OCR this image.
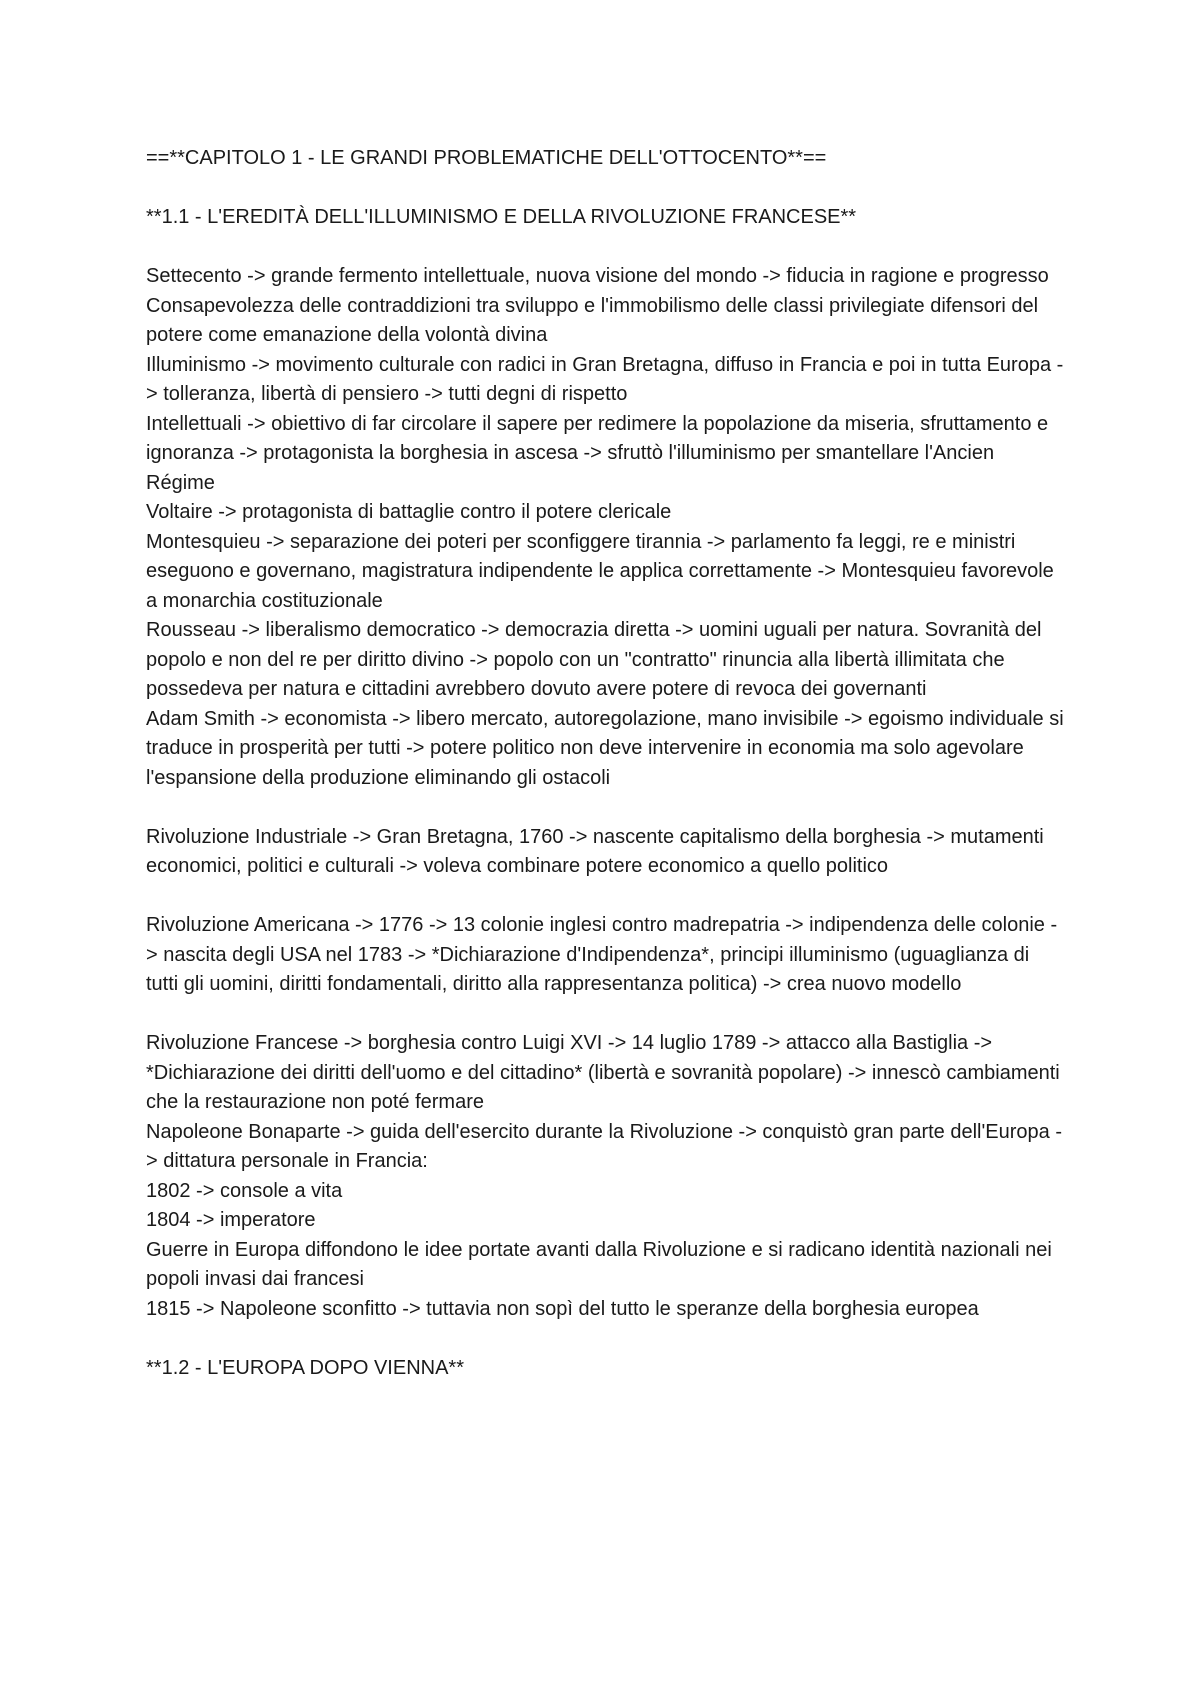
==**CAPITOLO 1 - LE GRANDI PROBLEMATICHE DELL'OTTOCENTO**==

**1.1 - L'EREDITÀ DELL'ILLUMINISMO E DELLA RIVOLUZIONE FRANCESE**

Settecento -> grande fermento intellettuale, nuova visione del mondo -> fiducia in ragione e progresso

Consapevolezza delle contraddizioni tra sviluppo e l'immobilismo delle classi privilegiate difensori del potere come emanazione della volontà divina

Illuminismo -> movimento culturale con radici in Gran Bretagna, diffuso in Francia e poi in tutta Europa -> tolleranza, libertà di pensiero -> tutti degni di rispetto

Intellettuali -> obiettivo di far circolare il sapere per redimere la popolazione da miseria, sfruttamento e ignoranza -> protagonista la borghesia in ascesa -> sfruttò l'illuminismo per smantellare l'Ancien Régime

Voltaire -> protagonista di battaglie contro il potere clericale

Montesquieu -> separazione dei poteri per sconfiggere tirannia -> parlamento fa leggi, re e ministri eseguono e governano, magistratura indipendente le applica correttamente -> Montesquieu favorevole a monarchia costituzionale

Rousseau -> liberalismo democratico -> democrazia diretta -> uomini uguali per natura. Sovranità del popolo e non del re per diritto divino -> popolo con un "contratto" rinuncia alla libertà illimitata che possedeva per natura e cittadini avrebbero dovuto avere potere di revoca dei governanti

Adam Smith -> economista -> libero mercato, autoregolazione, mano invisibile -> egoismo individuale si traduce in prosperità per tutti -> potere politico non deve intervenire in economia ma solo agevolare l'espansione della produzione eliminando gli ostacoli

Rivoluzione Industriale -> Gran Bretagna, 1760 -> nascente capitalismo della borghesia -> mutamenti economici, politici e culturali -> voleva combinare potere economico a quello politico

Rivoluzione Americana -> 1776 -> 13 colonie inglesi contro madrepatria -> indipendenza delle colonie -> nascita degli USA nel 1783 -> *Dichiarazione d'Indipendenza*, principi illuminismo (uguaglianza di tutti gli uomini, diritti fondamentali, diritto alla rappresentanza politica) -> crea nuovo modello

Rivoluzione Francese -> borghesia contro Luigi XVI -> 14 luglio 1789 -> attacco alla Bastiglia -> *Dichiarazione dei diritti dell'uomo e del cittadino* (libertà e sovranità popolare) -> innescò cambiamenti che la restaurazione non poté fermare

Napoleone Bonaparte -> guida dell'esercito durante la Rivoluzione -> conquistò gran parte dell'Europa -> dittatura personale in Francia:

1802 -> console a vita

1804 -> imperatore

Guerre in Europa diffondono le idee portate avanti dalla Rivoluzione e si radicano identità nazionali nei popoli invasi dai francesi

1815 -> Napoleone sconfitto -> tuttavia non sopì del tutto le speranze della borghesia europea

**1.2 - L'EUROPA DOPO VIENNA**
